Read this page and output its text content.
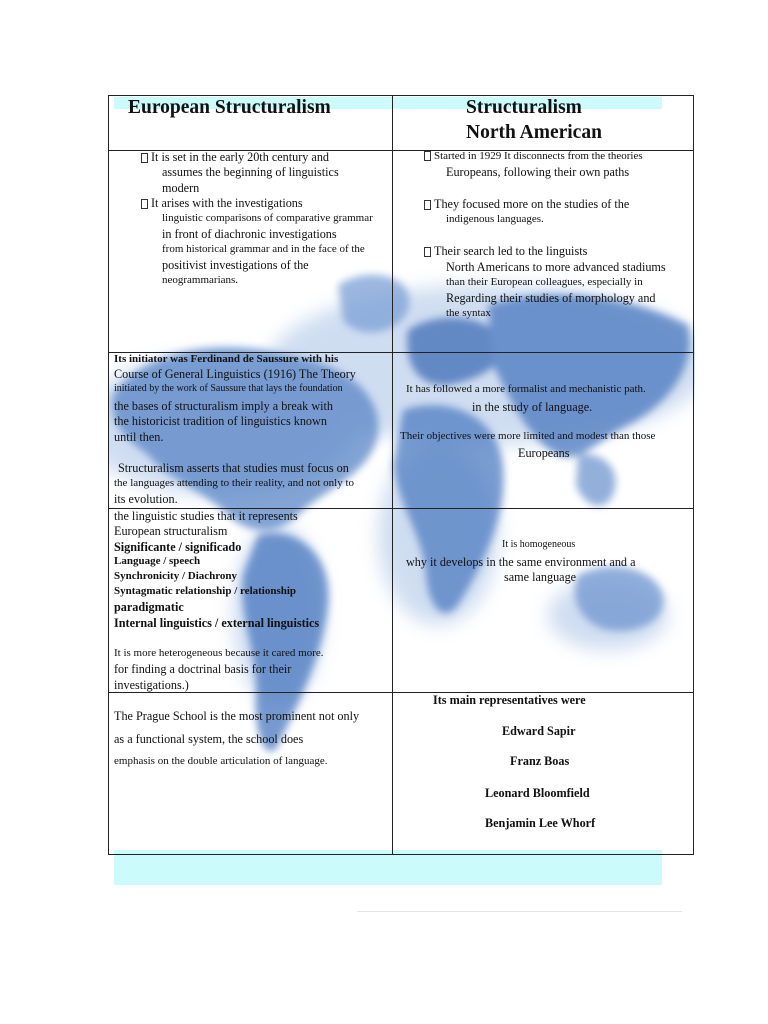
European Structuralism	Structuralism
North American
It is set in the early 20th century and
assumes the beginning of linguistics
modern
It arises with the investigations
linguistic comparisons of comparative grammar
in front of diachronic investigations
from historical grammar and in the face of the
positivist investigations of the
neogrammarians.
Started in 1929 It disconnects from the theories
Europeans, following their own paths
They focused more on the studies of the
indigenous languages.
Their search led to the linguists
North Americans to more advanced stadiums
than their European colleagues, especially in
Regarding their studies of morphology and
the syntax
Its initiator was Ferdinand de Saussure with his
Course of General Linguistics (1916) The Theory
initiated by the work of Saussure that lays the foundation
the bases of structuralism imply a break with
the historicist tradition of linguistics known
until then.
Structuralism asserts that studies must focus on
the languages attending to their reality, and not only to
its evolution.
It has followed a more formalist and mechanistic path.
in the study of language.
Their objectives were more limited and modest than those
Europeans
the linguistic studies that it represents
European structuralism
Significante / significado
Language / speech
Synchronicity / Diachrony
Syntagmatic relationship / relationship
paradigmatic
Internal linguistics / external linguistics
It is more heterogeneous because it cared more.
for finding a doctrinal basis for their
investigations.)
It is homogeneous
why it develops in the same environment and a
same language
The Prague School is the most prominent not only
as a functional system, the school does
emphasis on the double articulation of language.
Its main representatives were
Edward Sapir
Franz Boas
Leonard Bloomfield
Benjamin Lee Whorf
